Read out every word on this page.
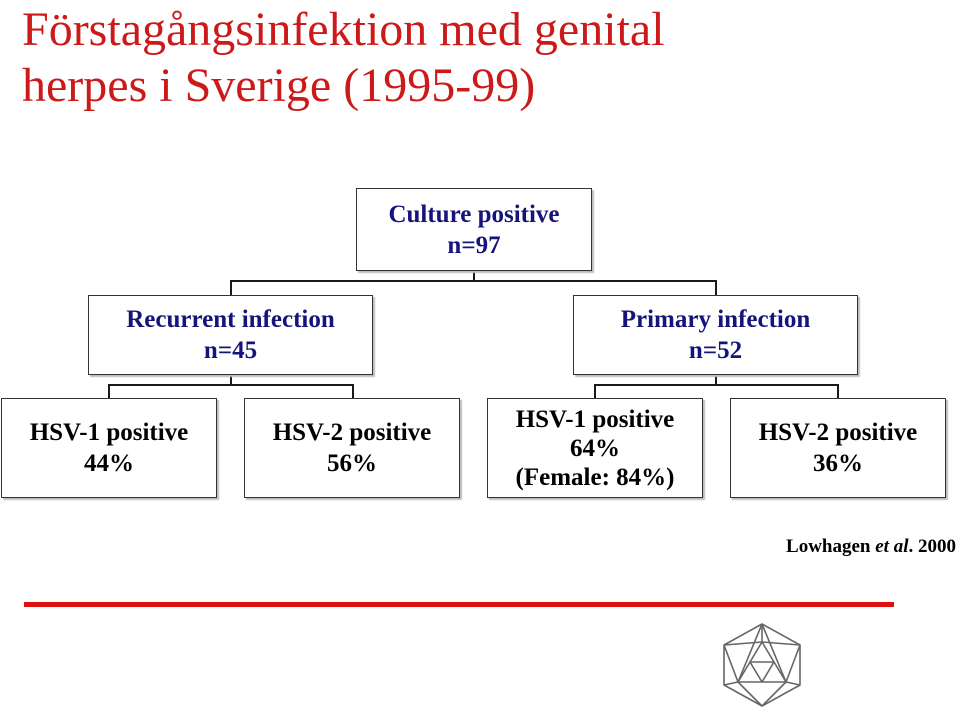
Förstagångsinfektion med genital
herpes i Sverige (1995-99)
Culture positive
n=97
Recurrent infection
n=45
Primary infection
n=52
HSV-1 positive
44%
HSV-2 positive
56%
HSV-1 positive
64%
(Female: 84%)
HSV-2 positive
36%
Lowhagen et al. 2000
